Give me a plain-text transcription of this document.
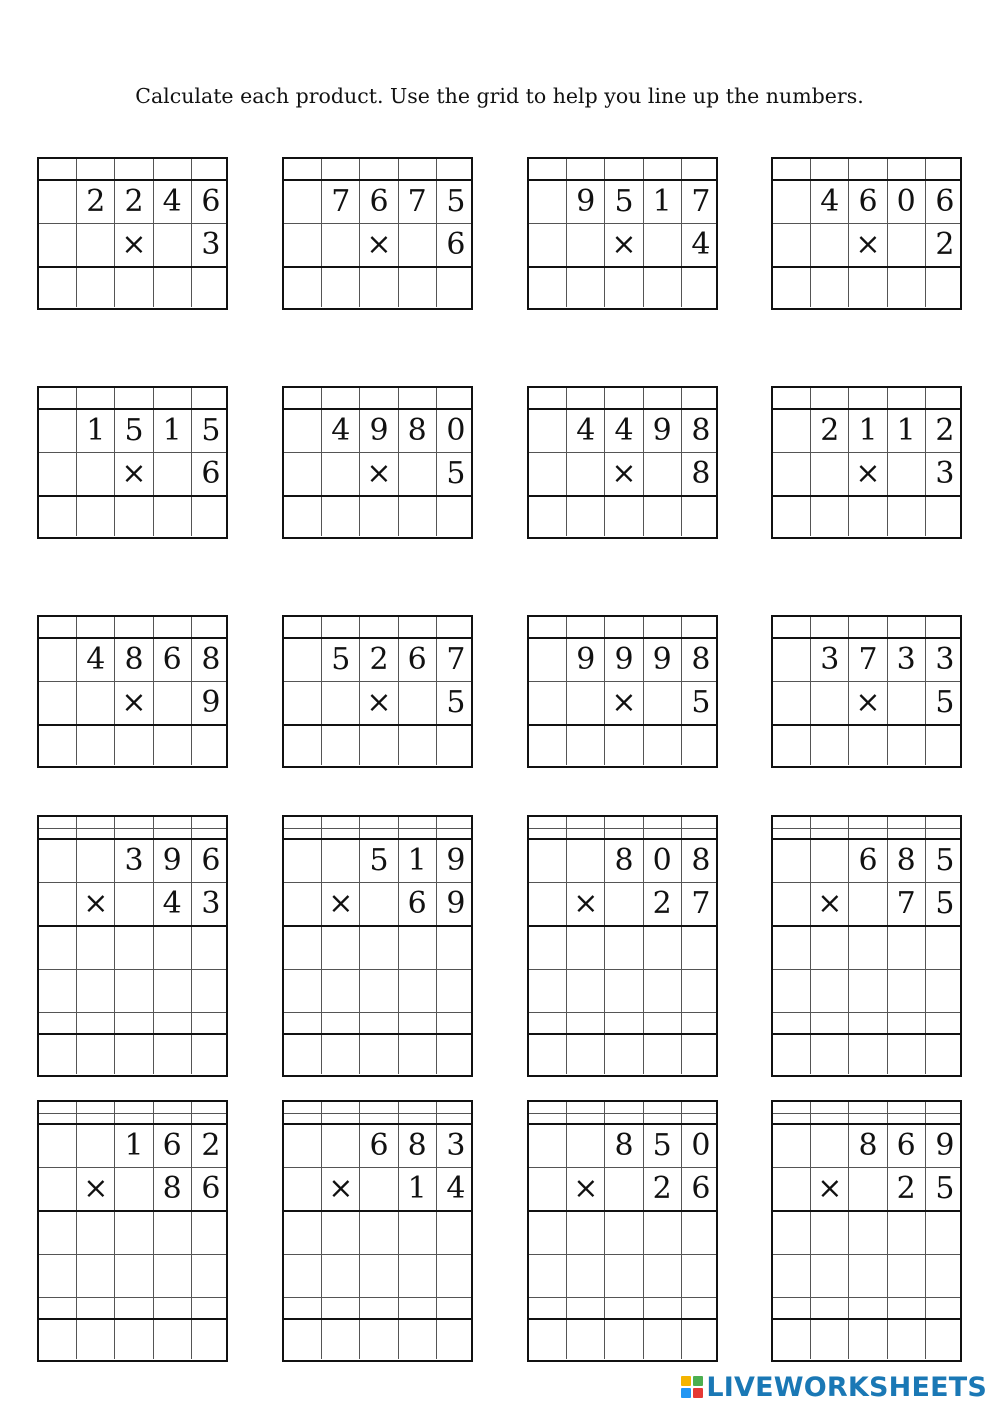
Calculate each product. Use the grid to help you line up the numbers.
2 2 4 6
×	3
7 6 7 5
×	6
9 5 1 7
×	4
4 6 0 6
×	2
1 5 1 5
×	6
4 9 8 0
×	5
4 4 9 8
×	8
2 1 1 2
×	3
4 8 6 8
×	9
5 2 6 7
×	5
9 9 9 8
×	5
3 7 3 3
×	5
3 9 6
×	4 3
5 1 9
×	6 9
8 0 8
×	2 7
6 8 5
×	7 5
1 6 2
×	8 6
6 8 3
×	1 4
8 5 0
×	2 6
8 6 9
×	2 5
LIVEWORKSHEETS
